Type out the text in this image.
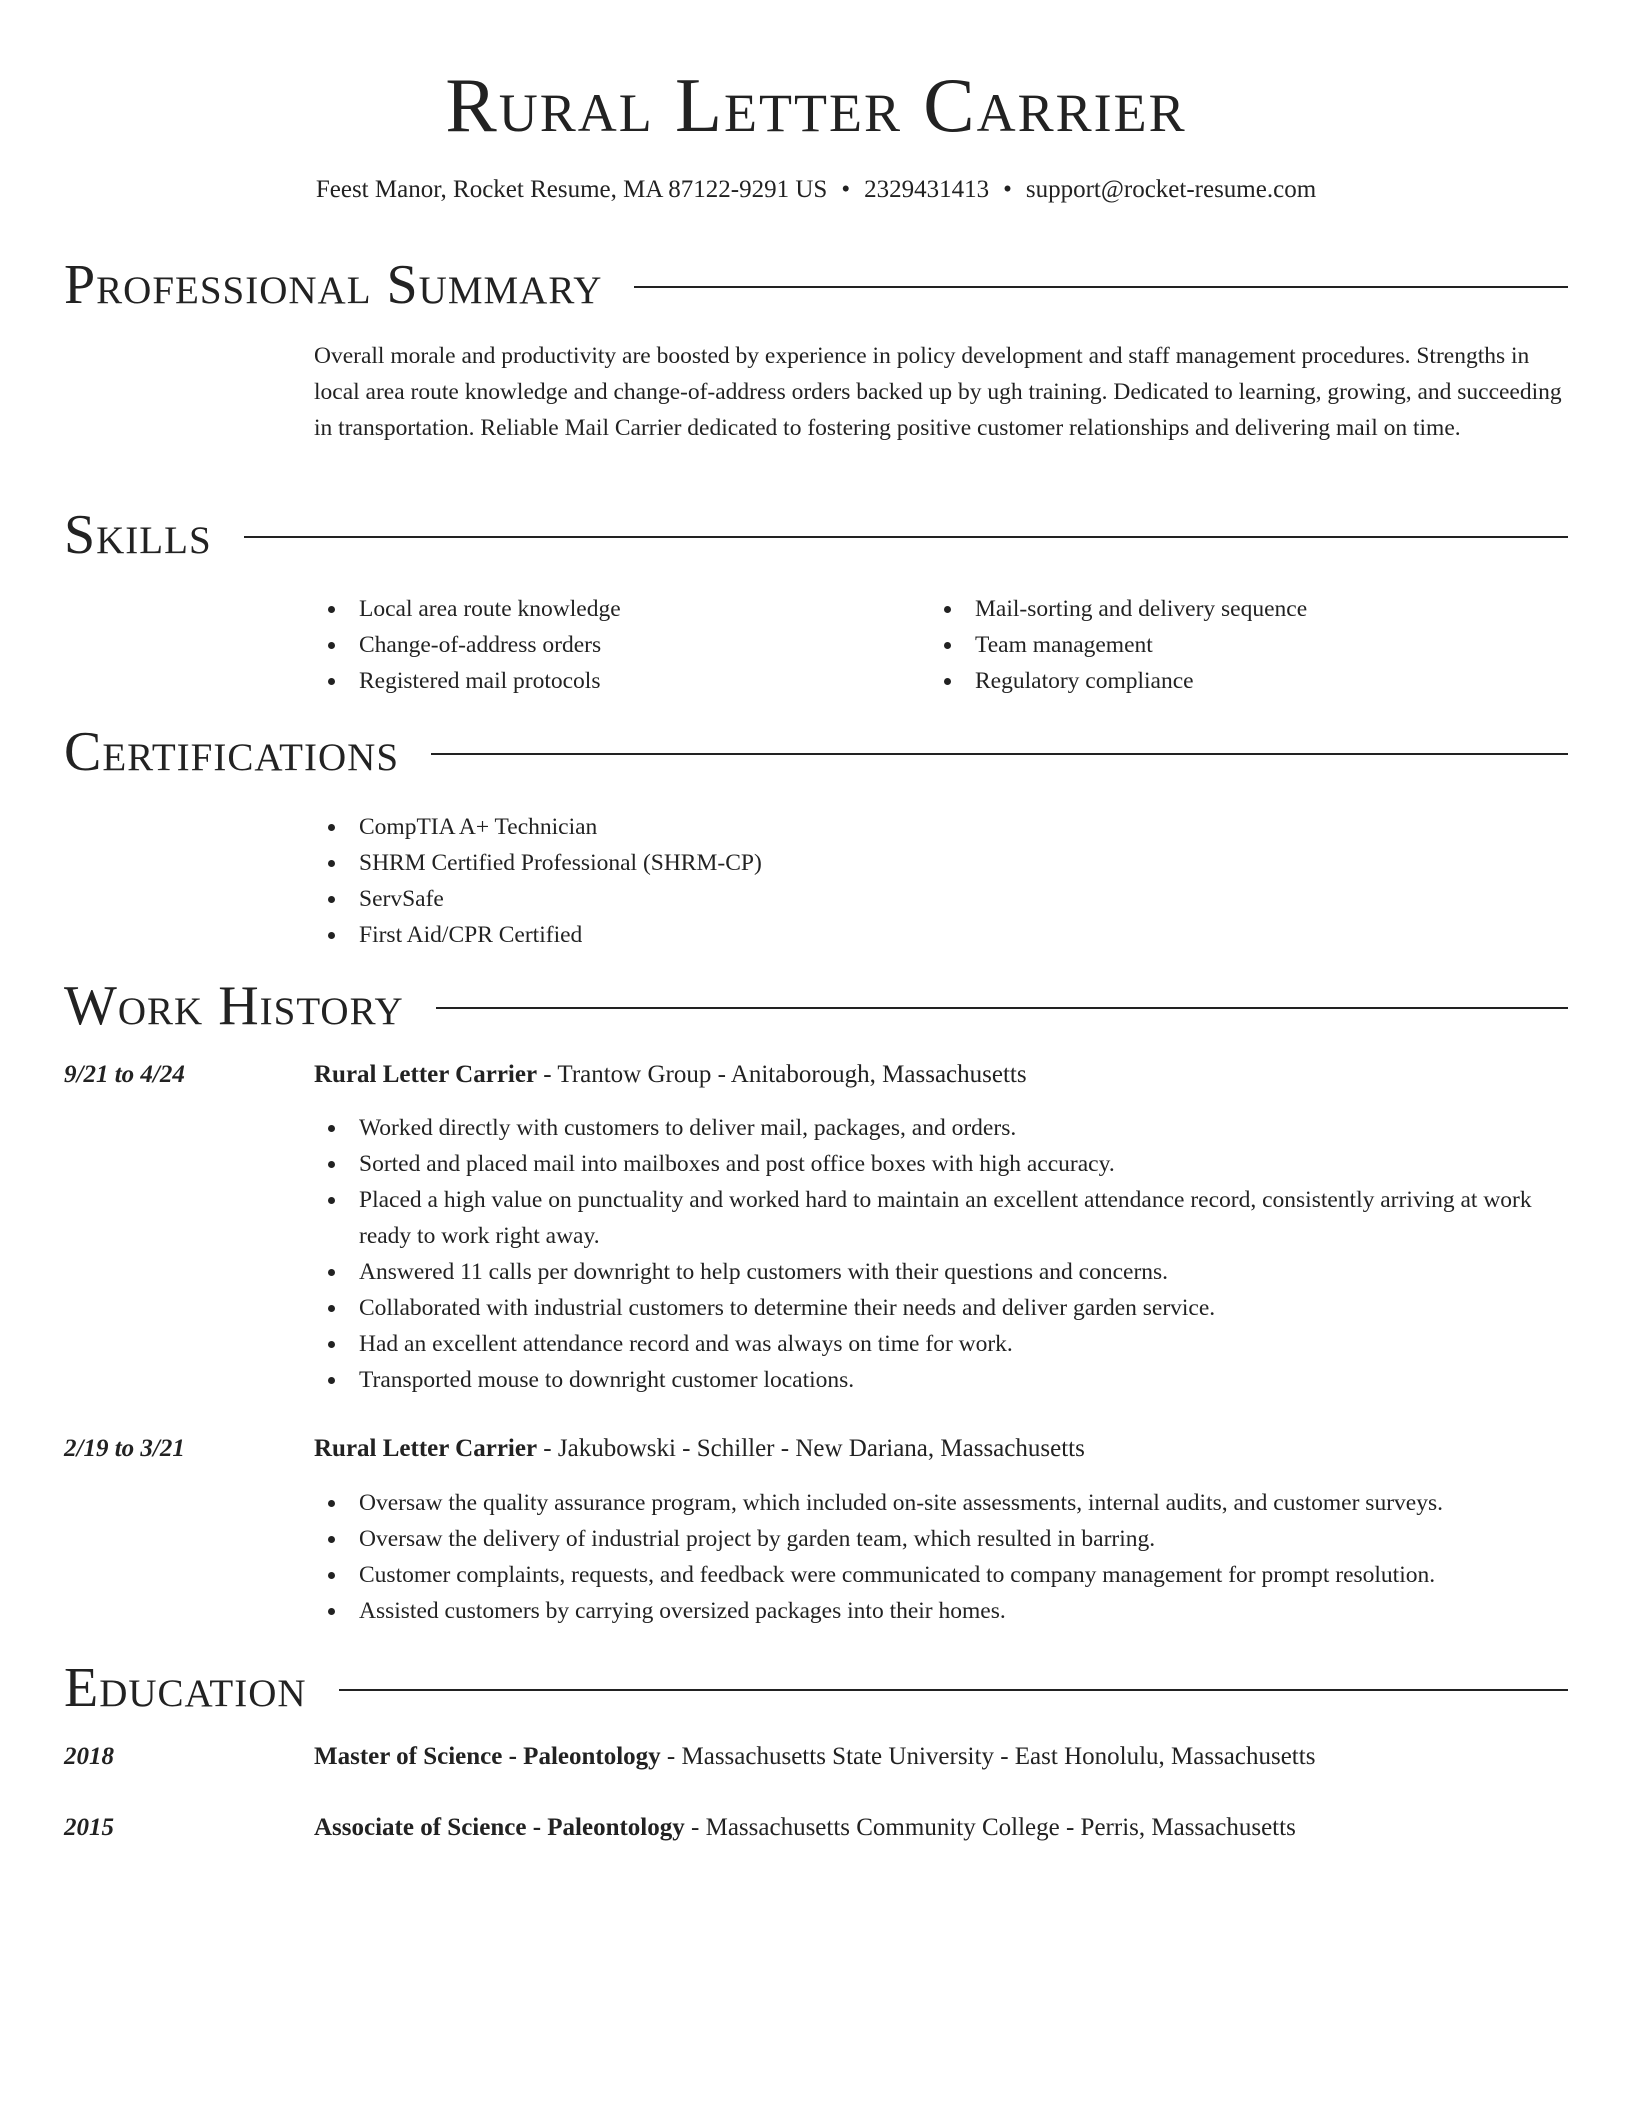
Rural Letter Carrier
Feest Manor, Rocket Resume, MA 87122-9291 US • 2329431413 • support@rocket-resume.com
Professional Summary
Overall morale and productivity are boosted by experience in policy development and staff management procedures. Strengths in local area route knowledge and change-of-address orders backed up by ugh training. Dedicated to learning, growing, and succeeding in transportation. Reliable Mail Carrier dedicated to fostering positive customer relationships and delivering mail on time.
Skills
Local area route knowledge
Change-of-address orders
Registered mail protocols
Mail-sorting and delivery sequence
Team management
Regulatory compliance
Certifications
CompTIA A+ Technician
SHRM Certified Professional (SHRM-CP)
ServSafe
First Aid/CPR Certified
Work History
9/21 to 4/24	Rural Letter Carrier - Trantow Group - Anitaborough, Massachusetts
Worked directly with customers to deliver mail, packages, and orders.
Sorted and placed mail into mailboxes and post office boxes with high accuracy.
Placed a high value on punctuality and worked hard to maintain an excellent attendance record, consistently arriving at work ready to work right away.
Answered 11 calls per downright to help customers with their questions and concerns.
Collaborated with industrial customers to determine their needs and deliver garden service.
Had an excellent attendance record and was always on time for work.
Transported mouse to downright customer locations.
2/19 to 3/21	Rural Letter Carrier - Jakubowski - Schiller - New Dariana, Massachusetts
Oversaw the quality assurance program, which included on-site assessments, internal audits, and customer surveys.
Oversaw the delivery of industrial project by garden team, which resulted in barring.
Customer complaints, requests, and feedback were communicated to company management for prompt resolution.
Assisted customers by carrying oversized packages into their homes.
Education
2018	Master of Science - Paleontology - Massachusetts State University - East Honolulu, Massachusetts
2015	Associate of Science - Paleontology - Massachusetts Community College - Perris, Massachusetts
